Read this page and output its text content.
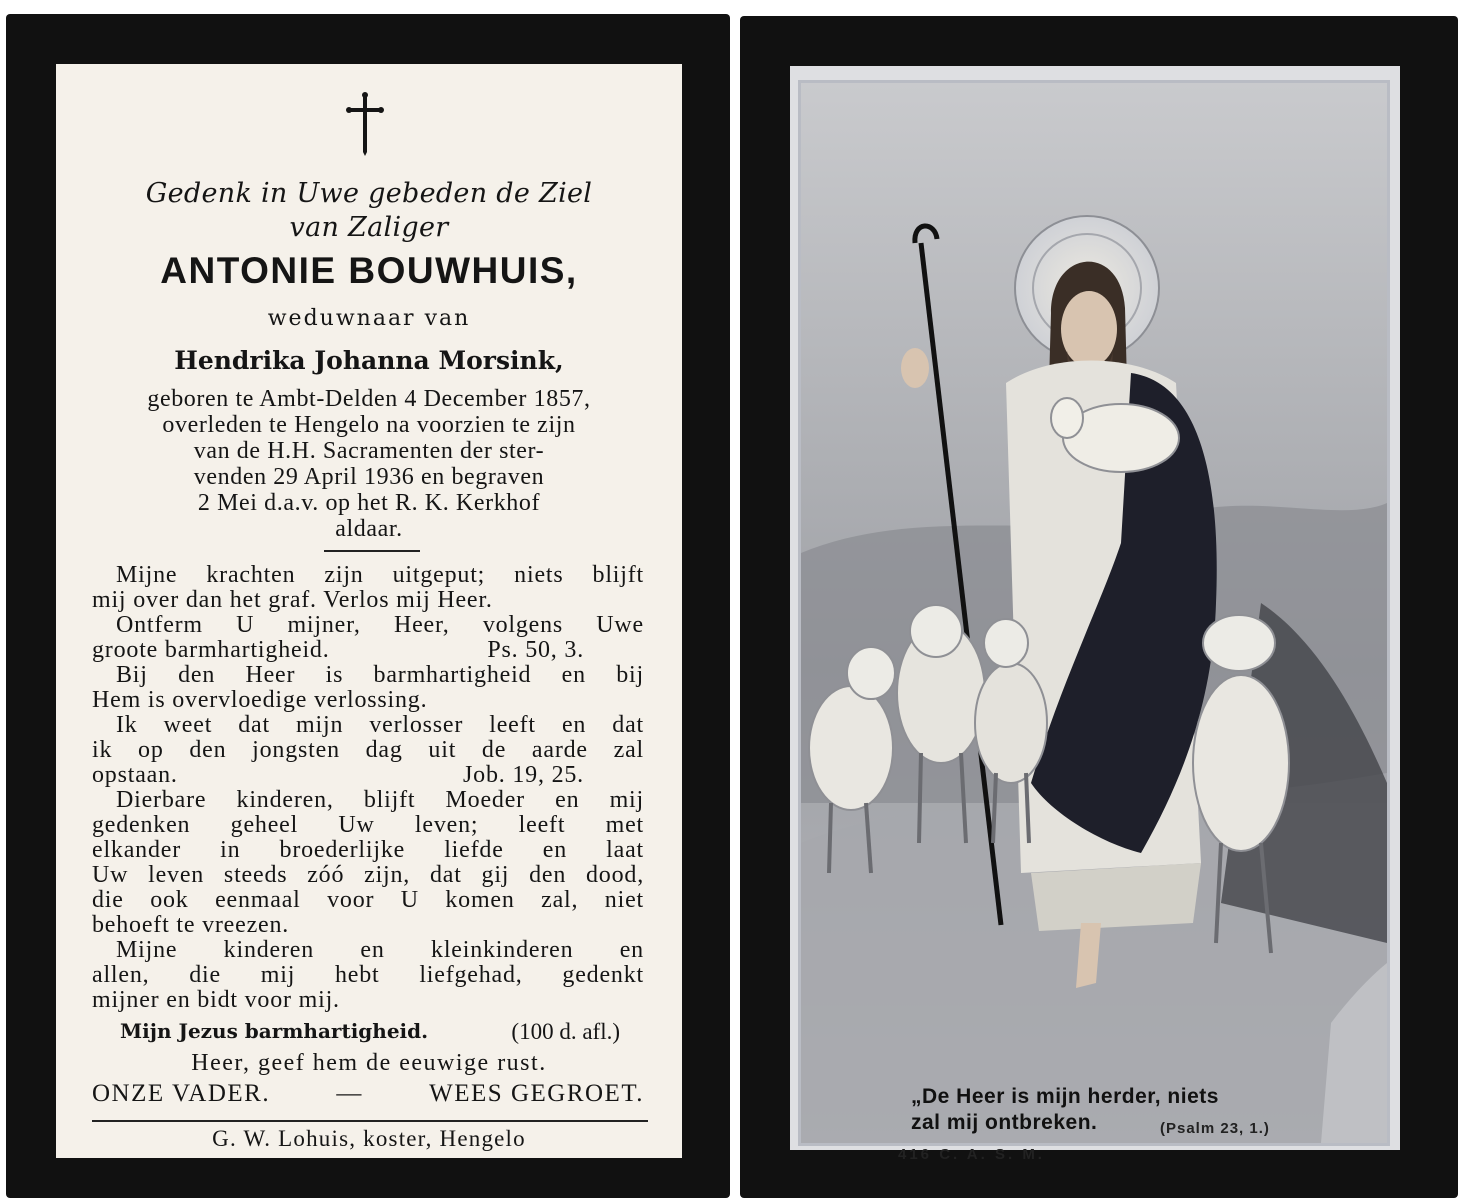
Gedenk in Uwe gebeden de Ziel
van Zaliger
ANTONIE BOUWHUIS,
weduwnaar van
Hendrika Johanna Morsink,
geboren te Ambt-Delden 4 December 1857,
overleden te Hengelo na voorzien te zijn
van de H.H. Sacramenten der ster-
venden 29 April 1936 en begraven
2 Mei d.a.v. op het R. K. Kerkhof
aldaar.
Mijne krachten zijn uitgeput; niets blijft
mij over dan het graf. Verlos mij Heer.
Ontferm U mijner, Heer, volgens Uwe
groote barmhartigheid.	Ps. 50, 3.
Bij den Heer is barmhartigheid en bij
Hem is overvloedige verlossing.
Ik weet dat mijn verlosser leeft en dat
ik op den jongsten dag uit de aarde zal
opstaan.	Job. 19, 25.
Dierbare kinderen, blijft Moeder en mij
gedenken geheel Uw leven; leeft met
elkander in broederlijke liefde en laat
Uw leven steeds zóó zijn, dat gij den dood,
die ook eenmaal voor U komen zal, niet
behoeft te vreezen.
Mijne kinderen en kleinkinderen en
allen, die mij hebt liefgehad, gedenkt
mijner en bidt voor mij.
Mijn Jezus barmhartigheid.	(100 d. afl.)
Heer, geef hem de eeuwige rust.
ONZE VADER.	—	WEES GEGROET.
G. W. Lohuis, koster, Hengelo
„De Heer is mijn herder, niets
zal mij ontbreken.	(Psalm 23, 1.)
416 C. A. S. M.
